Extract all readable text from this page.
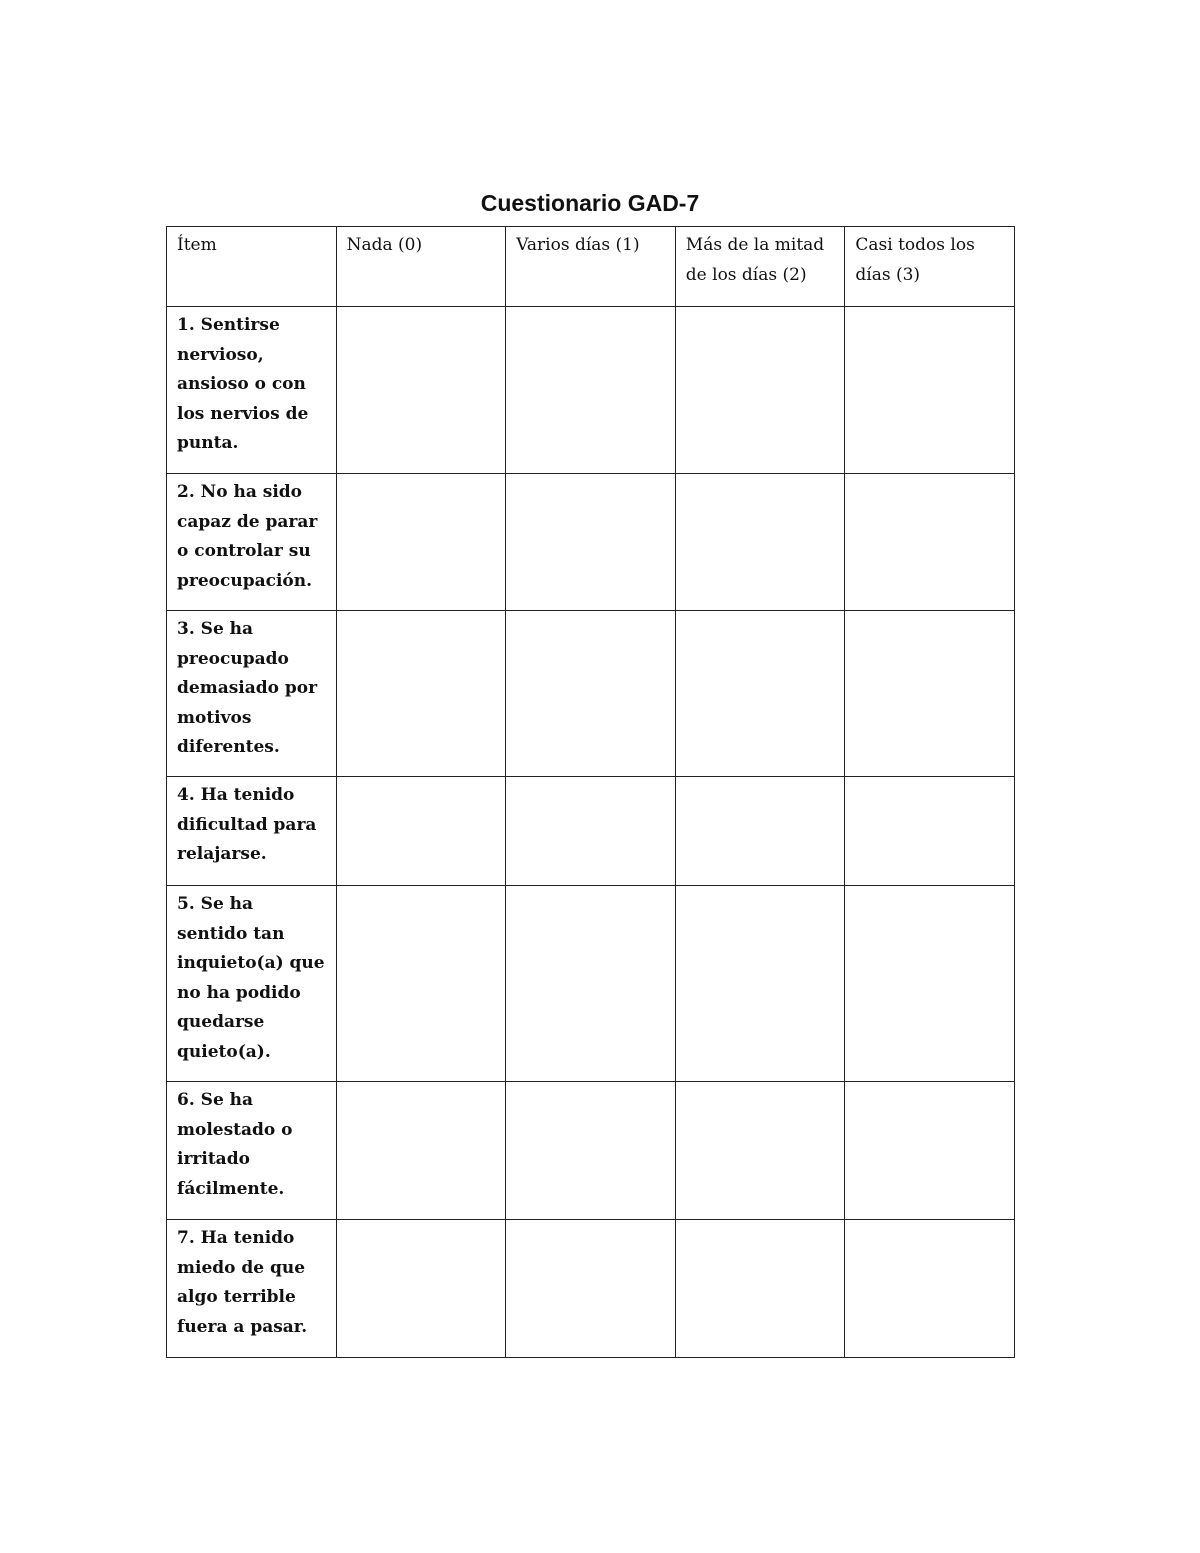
Cuestionario GAD-7
Ítem	Nada (0)	Varios días (1)	Más de la mitad de los días (2)	Casi todos los días (3)
1. Sentirse nervioso, ansioso o con los nervios de punta.				
2. No ha sido capaz de parar o controlar su preocupación.				
3. Se ha preocupado demasiado por motivos diferentes.				
4. Ha tenido dificultad para relajarse.				
5. Se ha sentido tan inquieto(a) que no ha podido quedarse quieto(a).				
6. Se ha molestado o irritado fácilmente.				
7. Ha tenido miedo de que algo terrible fuera a pasar.				
